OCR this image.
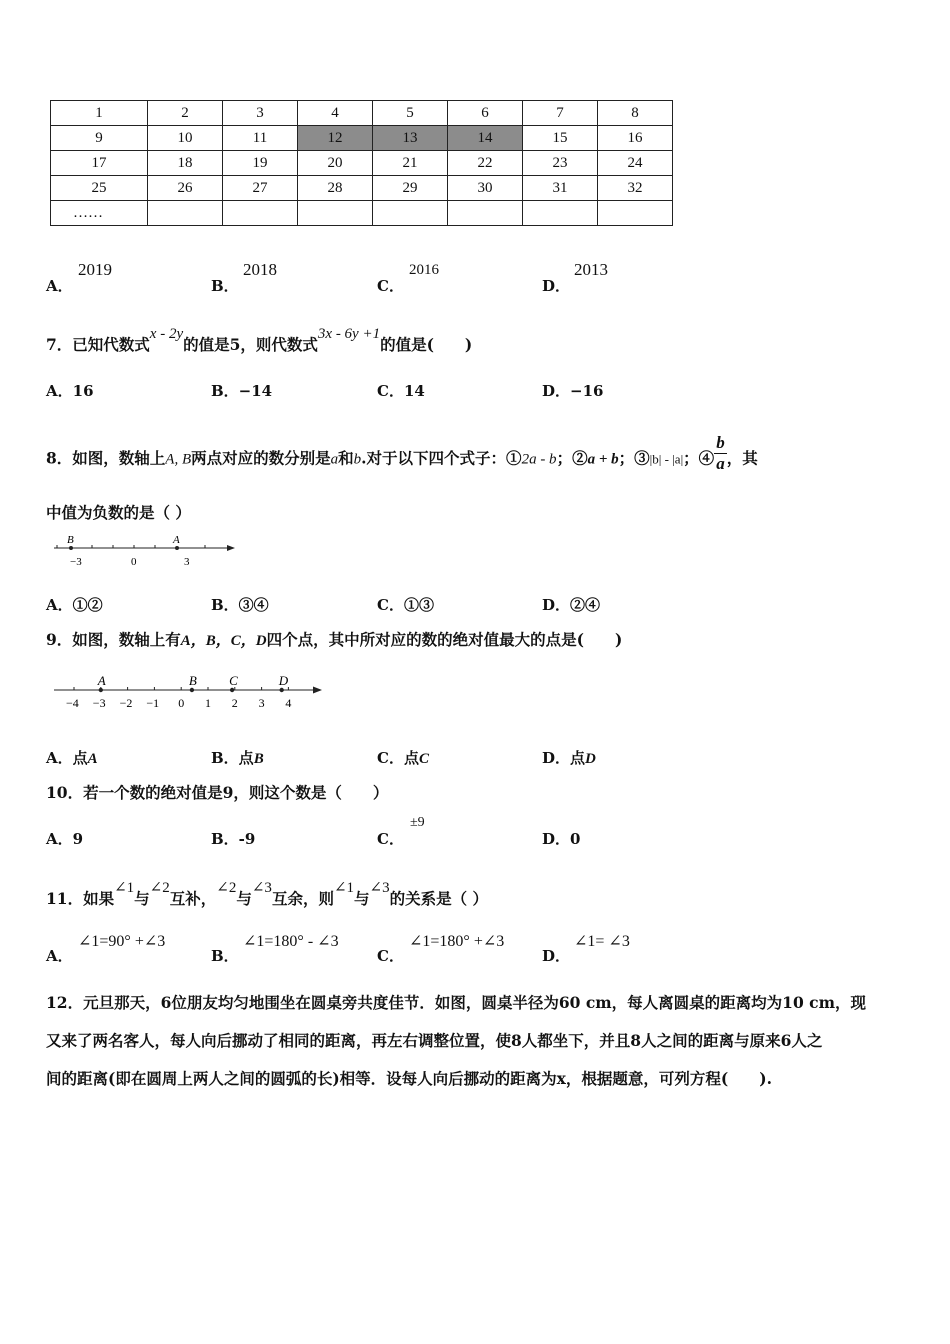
1	2	3	4	5	6	7	8
9	10	11	12	13	14	15	16
17	18	19	20	21	22	23	24
25	26	27	28	29	30	31	32
……							
A．
2019
B．
2018
C．
2016
D．
2013
7．已知代数式x - 2y的值是5，则代数式3x - 6y +1的值是(　　)
A．16	B．−14	C．14	D．−16
8．如图，数轴上A, B两点对应的数分别是a和b.对于以下四个式子：①2a - b；②a + b；③|b| - |a|；④ $\frac{b}{a}$ ，其
中值为负数的是（ ）
B	A
−3	0	3
A．①②	B．③④	C．①③	D．②④
9．如图，数轴上有A，B，C，D四个点，其中所对应的数的绝对值最大的点是(　　)
−4 −3 −2 −1 0 1 2 3 4
A	B C	D
A．点A	B．点B	C．点C	D．点D
10．若一个数的绝对值是9，则这个数是（　　）
A．9	B．-9	C．
±9
D．0
11．如果∠1与∠2互补，∠2与∠3互余，则∠1与∠3的关系是（ ）
A．
∠1=90° +∠3
B．
∠1=180° - ∠3
C．
∠1=180° +∠3
D．
∠1= ∠3
12．元旦那天，6位朋友均匀地围坐在圆桌旁共度佳节．如图，圆桌半径为60 cm，每人离圆桌的距离均为10 cm，现
又来了两名客人，每人向后挪动了相同的距离，再左右调整位置，使8人都坐下，并且8人之间的距离与原来6人之
间的距离(即在圆周上两人之间的圆弧的长)相等．设每人向后挪动的距离为x，根据题意，可列方程(　　).
